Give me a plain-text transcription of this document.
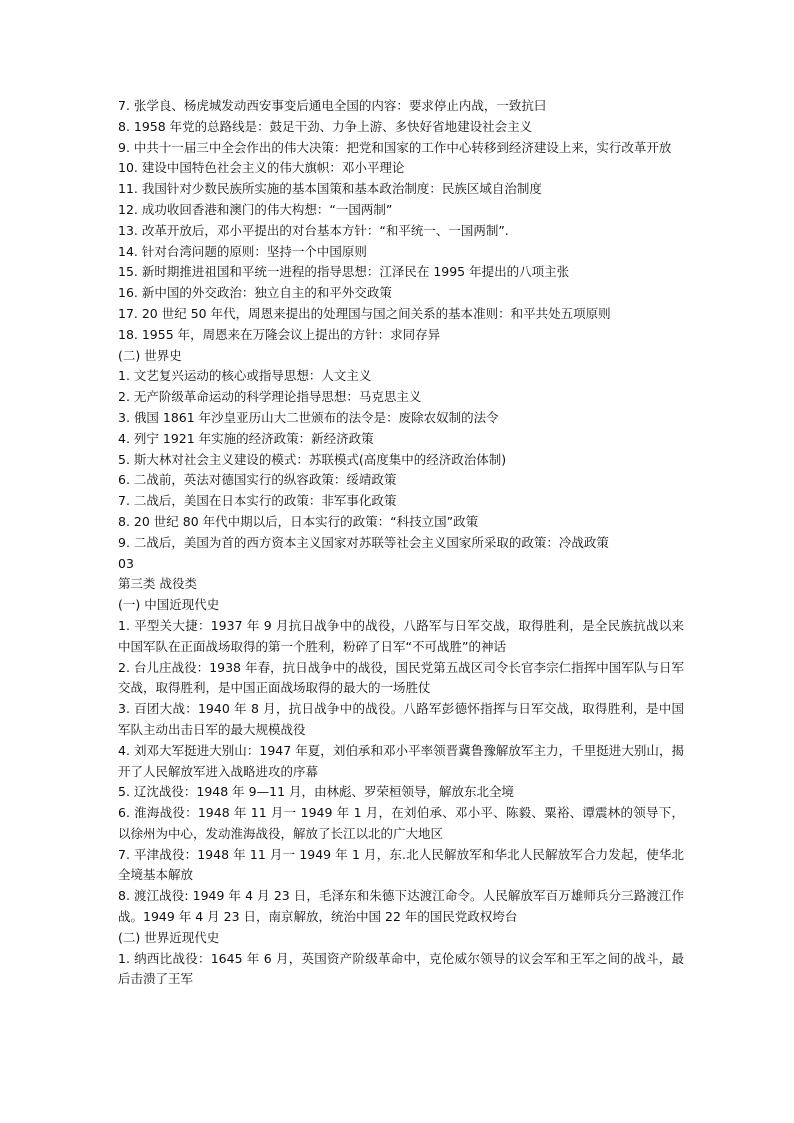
7. 张学良、杨虎城发动西安事变后通电全国的内容：要求停止内战，一致抗曰

8. 1958 年党的总路线是：鼓足干劲、力争上游、多快好省地建设社会主义

9. 中共十一届三中全会作出的伟大决策：把党和国家的工作中心转移到经济建设上来，实行改革开放

10. 建设中国特色社会主义的伟大旗帜：邓小平理论

11. 我国针对少数民族所实施的基本国策和基本政治制度：民族区域自治制度

12. 成功收回香港和澳门的伟大构想：“一国两制”

13. 改革开放后，邓小平提出的对台基本方针：“和平统一、一国两制”.

14. 针对台湾问题的原则：坚持一个中国原则

15. 新时期推进祖国和平统一进程的指导思想：江泽民在 1995 年提出的八项主张

16. 新中国的外交政治：独立自主的和平外交政策

17. 20 世纪 50 年代，周恩来提出的处理国与国之间关系的基本准则：和平共处五项原则

18. 1955 年，周恩来在万隆会议上提出的方针：求同存异

(二) 世界史

1. 文艺复兴运动的核心或指导思想：人文主义

2. 无产阶级革命运动的科学理论指导思想：马克思主义

3. 俄国 1861 年沙皇亚历山大二世颁布的法令是：废除农奴制的法令

4. 列宁 1921 年实施的经济政策：新经济政策

5. 斯大林对社会主义建设的模式：苏联模式(高度集中的经济政治体制)

6. 二战前，英法对德国实行的纵容政策：绥靖政策

7. 二战后，美国在日本实行的政策：非军事化政策

8. 20 世纪 80 年代中期以后，日本实行的政策：“科技立国”政策

9. 二战后，美国为首的西方资本主义国家对苏联等社会主义国家所采取的政策：冷战政策

03

第三类 战役类

(一) 中国近现代史

1. 平型关大捷：1937 年 9 月抗日战争中的战役，八路军与日军交战，取得胜利，是全民族抗战以来中国军队在正面战场取得的第一个胜利，粉碎了日军“不可战胜”的神话

2. 台儿庄战役：1938 年春，抗日战争中的战役，国民党第五战区司令长官李宗仁指挥中国军队与日军交战，取得胜利，是中国正面战场取得的最大的一场胜仗

3. 百团大战：1940 年 8 月，抗日战争中的战役。八路军彭德怀指挥与日军交战，取得胜利，是中国军队主动出击日军的最大规模战役

4. 刘邓大军挺进大别山：1947 年夏，刘伯承和邓小平率领晋冀鲁豫解放军主力，千里挺进大别山，揭开了人民解放军进入战略进攻的序幕

5. 辽沈战役：1948 年 9—11 月，由林彪、罗荣桓领导，解放东北全境

6. 淮海战役：1948 年 11 月一 1949 年 1 月，在刘伯承、邓小平、陈毅、粟裕、谭震林的领导下，以徐州为中心，发动淮海战役，解放了长江以北的广大地区

7. 平津战役：1948 年 11 月一 1949 年 1 月，东.北人民解放军和华北人民解放军合力发起，使华北全境基本解放

8. 渡江战役: 1949 年 4 月 23 日，毛泽东和朱德下达渡江命令。人民解放军百万雄师兵分三路渡江作战。1949 年 4 月 23 日，南京解放，统治中国 22 年的国民党政权垮台

(二) 世界近现代史

1. 纳西比战役：1645 年 6 月，英国资产阶级革命中，克伦威尔领导的议会军和王军之间的战斗，最后击溃了王军
